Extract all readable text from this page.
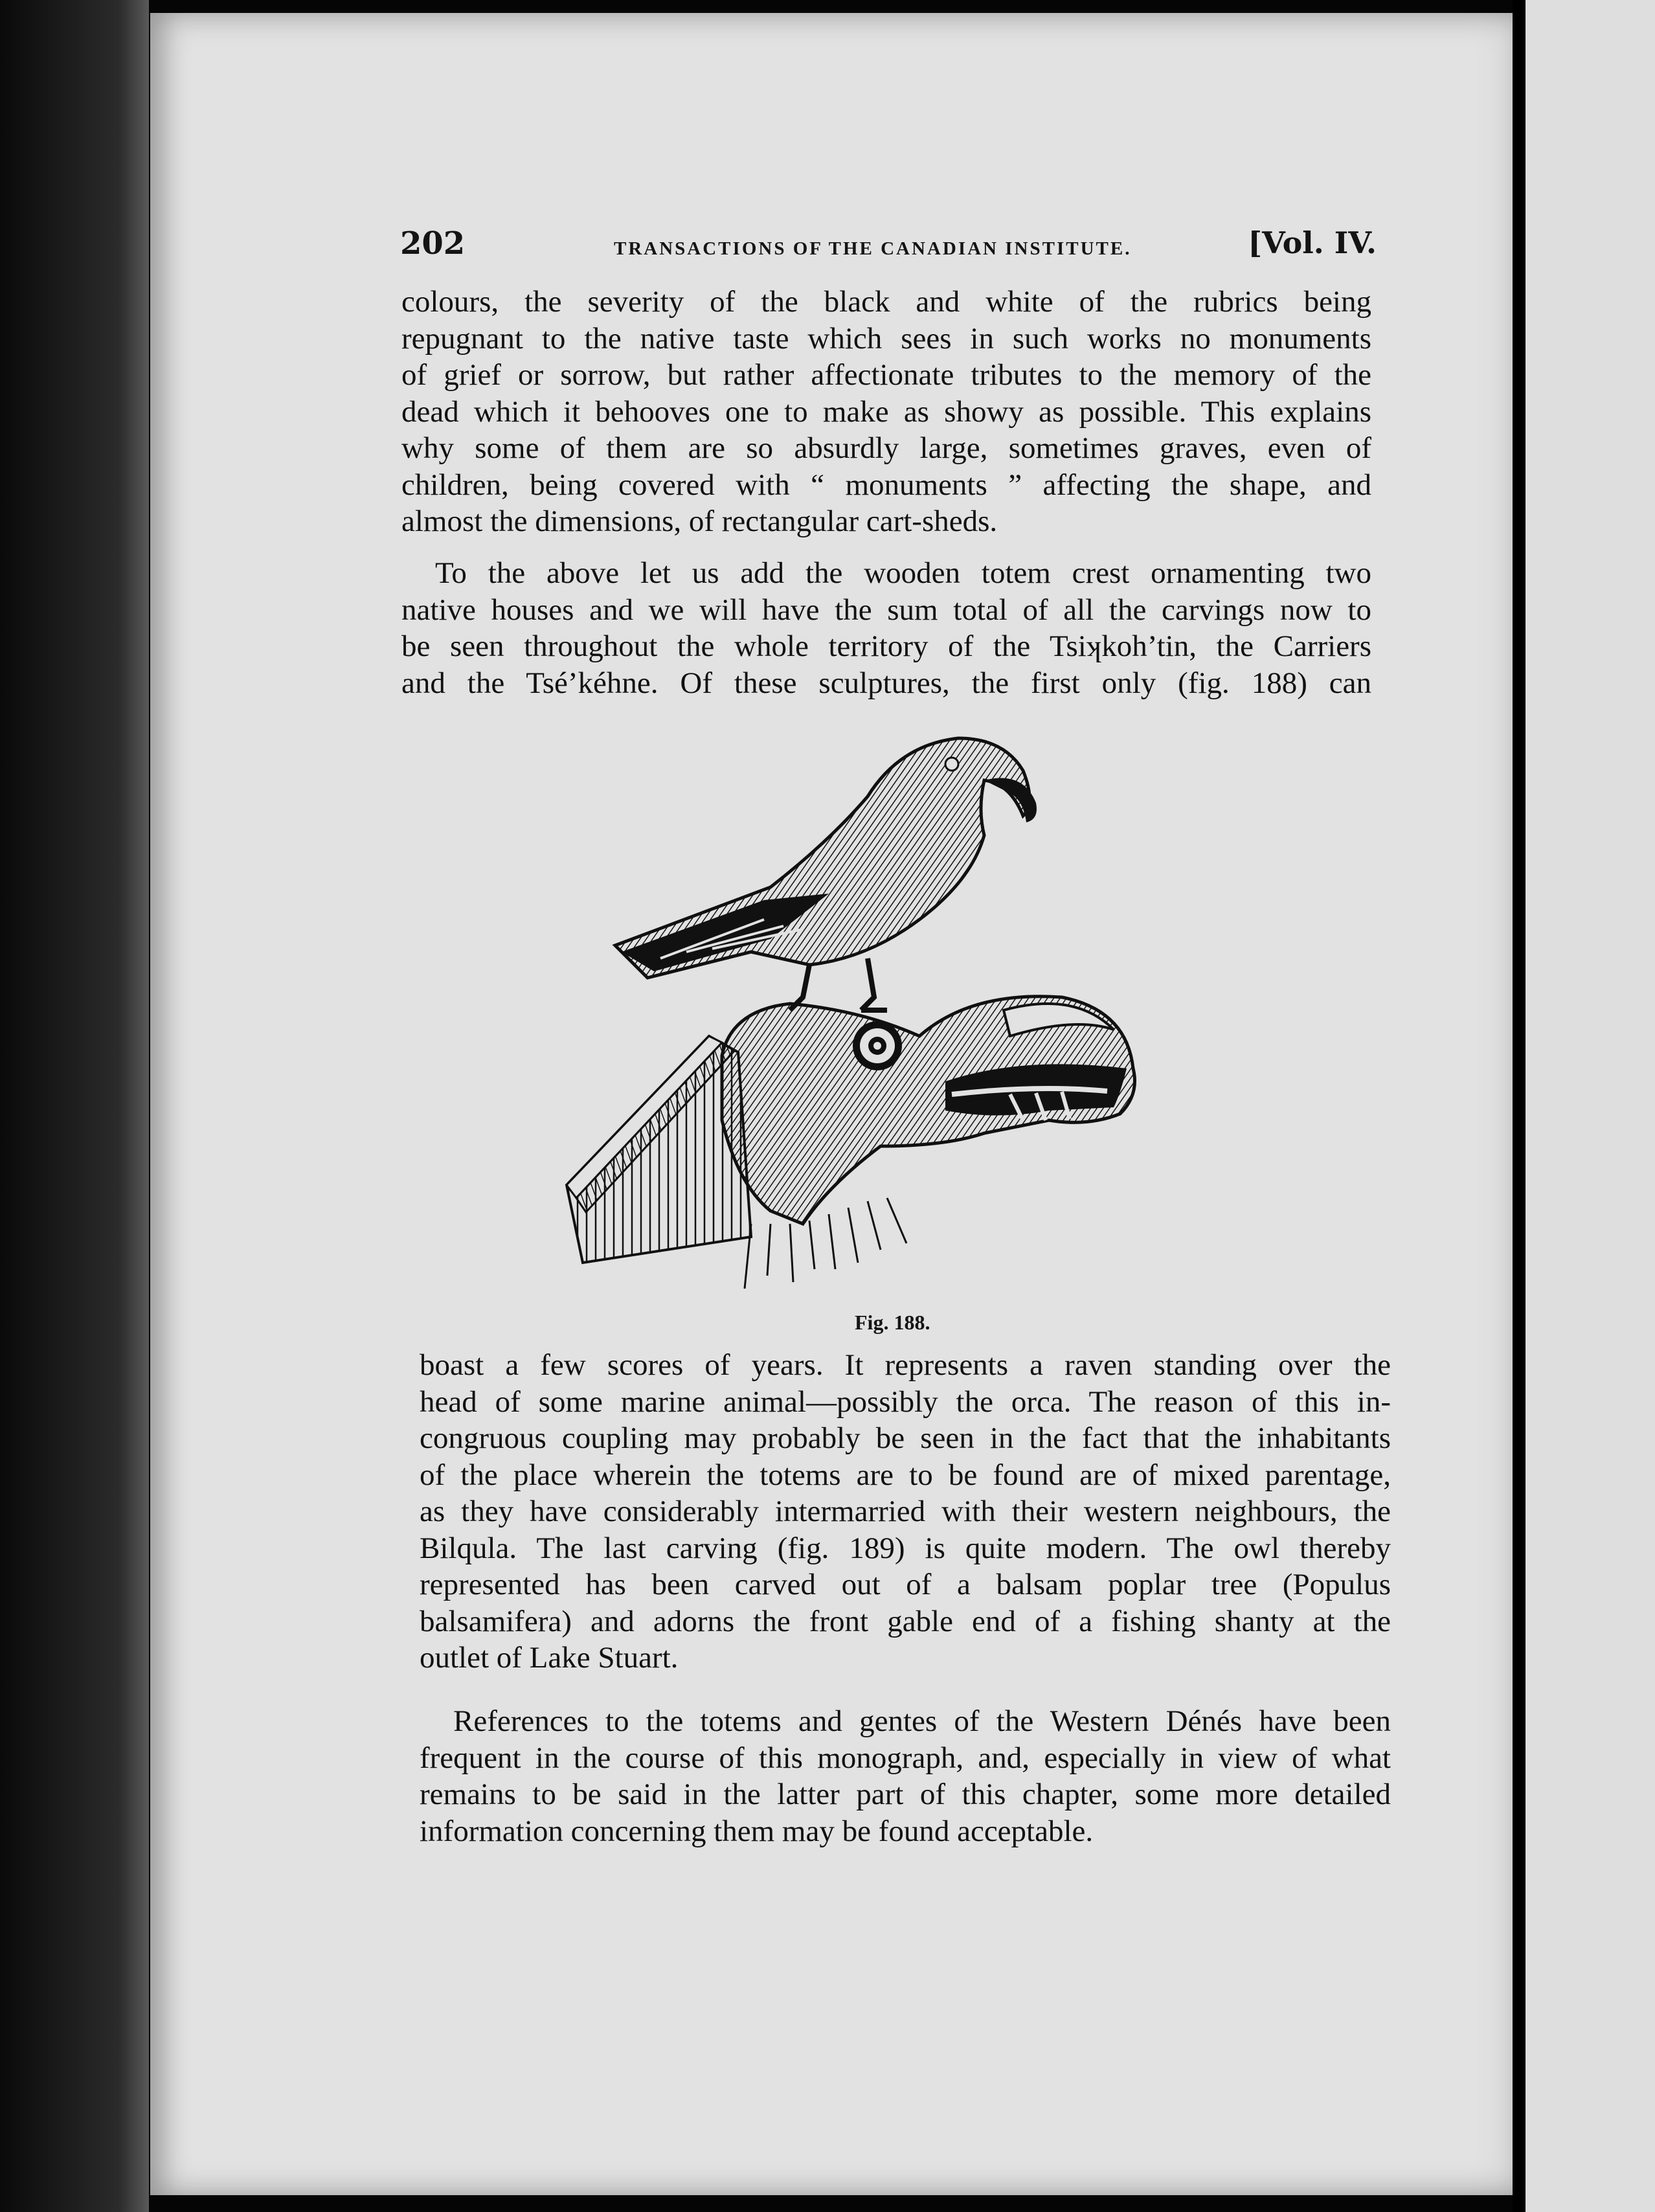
202	TRANSACTIONS OF THE CANADIAN INSTITUTE.	[Vol. IV.
colours, the severity of the black and white of the rubrics being
repugnant to the native taste which sees in such works no monuments
of grief or sorrow, but rather affectionate tributes to the memory of the
dead which it behooves one to make as showy as possible. This explains
why some of them are so absurdly large, sometimes graves, even of
children, being covered with “ monuments ” affecting the shape, and
almost the dimensions, of rectangular cart-sheds.
To the above let us add the wooden totem crest ornamenting two
native houses and we will have the sum total of all the carvings now to
be seen throughout the whole territory of the Tsiʞkoh’tin, the Carriers
and the Tsé’kéhne. Of these sculptures, the first only (fig. 188) can
Fig. 188.
boast a few scores of years. It represents a raven standing over the
head of some marine animal—possibly the orca. The reason of this in-
congruous coupling may probably be seen in the fact that the inhabitants
of the place wherein the totems are to be found are of mixed parentage,
as they have considerably intermarried with their western neighbours, the
Bilqula. The last carving (fig. 189) is quite modern. The owl thereby
represented has been carved out of a balsam poplar tree (Populus
balsamifera) and adorns the front gable end of a fishing shanty at the
outlet of Lake Stuart.
References to the totems and gentes of the Western Dénés have been
frequent in the course of this monograph, and, especially in view of what
remains to be said in the latter part of this chapter, some more detailed
information concerning them may be found acceptable.
